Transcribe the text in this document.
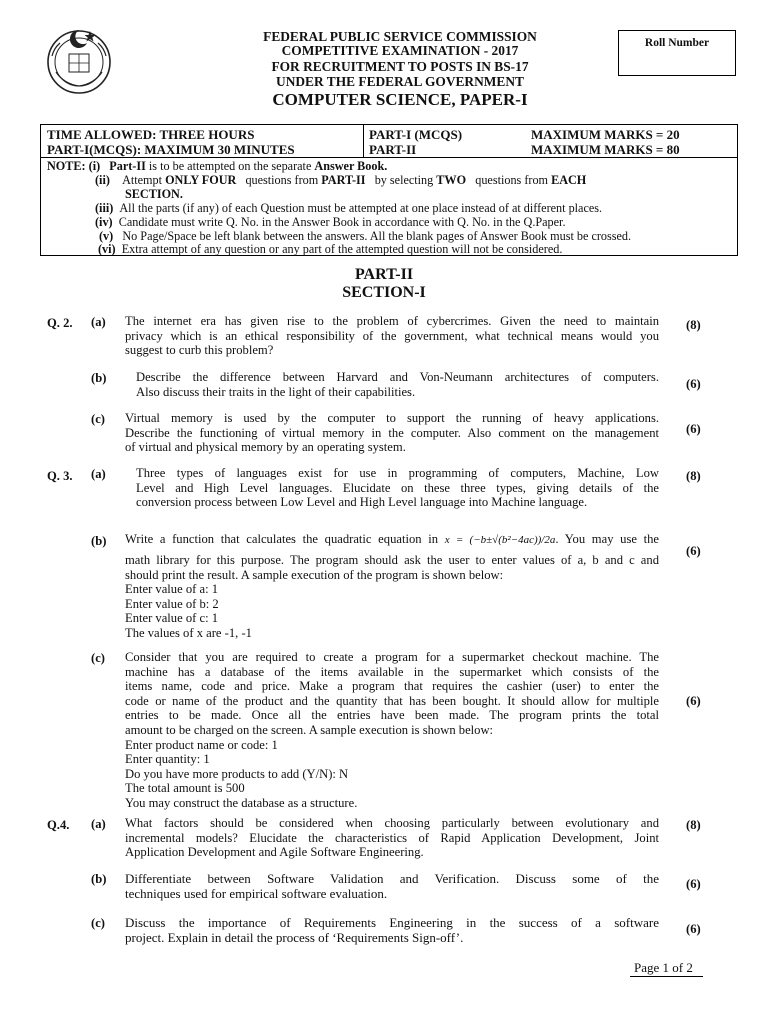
FEDERAL PUBLIC SERVICE COMMISSION
COMPETITIVE EXAMINATION - 2017
FOR RECRUITMENT TO POSTS IN BS-17
UNDER THE FEDERAL GOVERNMENT
COMPUTER SCIENCE, PAPER-I
Roll Number
TIME ALLOWED: THREE HOURS
PART-I(MCQS): MAXIMUM 30 MINUTES
PART-I (MCQS)
PART-II
MAXIMUM MARKS = 20
MAXIMUM MARKS = 80
NOTE: (i) Part-II is to be attempted on the separate Answer Book.
(ii) Attempt ONLY FOUR   questions from PART-II   by selecting TWO   questions from EACH
SECTION.
(iii) All the parts (if any) of each Question must be attempted at one place instead of at different places.
(iv) Candidate must write Q. No. in the Answer Book in accordance with Q. No. in the Q.Paper.
(v) No Page/Space be left blank between the answers. All the blank pages of Answer Book must be crossed.
(vi) Extra attempt of any question or any part of the attempted question will not be considered.
PART-II
SECTION-I
Q. 2. (a) The internet era has given rise to the problem of cybercrimes. Given the need to maintain
privacy which is an ethical responsibility of the government, what technical means would you
suggest to curb this problem?
(8)
(b) Describe the difference between Harvard and Von-Neumann architectures of computers.
Also discuss their traits in the light of their capabilities.
(6)
(c) Virtual memory is used by the computer to support the running of heavy applications.
Describe the functioning of virtual memory in the computer. Also comment on the management
of virtual and physical memory by an operating system.
(6)
Q. 3. (a) Three types of languages exist for use in programming of computers, Machine, Low
Level and High Level languages. Elucidate on these three types, giving details of the
conversion process between Low Level and High Level language into Machine language.
(8)
(b) Write a function that calculates the quadratic equation in x = (−b±√(b²−4ac))/2a. You may use the
math library for this purpose. The program should ask the user to enter values of a, b and c and
should print the result. A sample execution of the program is shown below:
Enter value of a: 1
Enter value of b: 2
Enter value of c: 1
The values of x are -1, -1
(6)
(c) Consider that you are required to create a program for a supermarket checkout machine. The
machine has a database of the items available in the supermarket which consists of the
items name, code and price. Make a program that requires the cashier (user) to enter the
code or name of the product and the quantity that has been bought. It should allow for multiple
entries to be made. Once all the entries have been made. The program prints the total
amount to be charged on the screen. A sample execution is shown below:
Enter product name or code: 1
Enter quantity: 1
Do you have more products to add (Y/N): N
The total amount is 500
You may construct the database as a structure.
(6)
Q.4. (a) What factors should be considered when choosing particularly between evolutionary and
incremental models? Elucidate the characteristics of Rapid Application Development, Joint
Application Development and Agile Software Engineering.
(8)
(b) Differentiate between Software Validation and Verification. Discuss some of the
techniques used for empirical software evaluation.
(6)
(c) Discuss the importance of Requirements Engineering in the success of a software
project. Explain in detail the process of ‘Requirements Sign-off’.
(6)
Page 1 of 2
